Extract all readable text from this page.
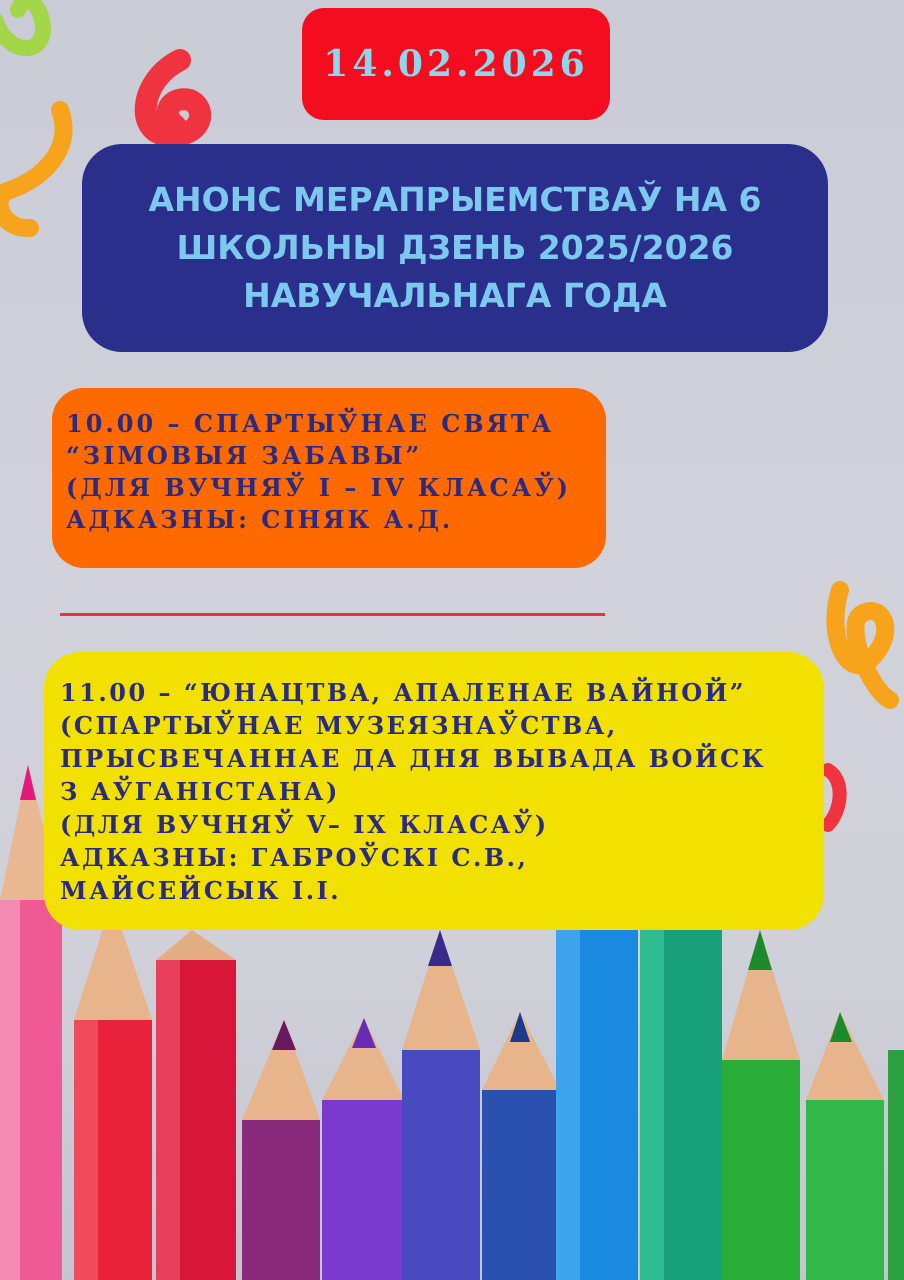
14.02.2026
АНОНС МЕРАПРЫЕМСТВАЎ НА 6
ШКОЛЬНЫ ДЗЕНЬ 2025/2026
НАВУЧАЛЬНАГА ГОДА
10.00 – СПАРТЫЎНАЕ СВЯТА
“ЗІМОВЫЯ ЗАБАВЫ”
(ДЛЯ ВУЧНЯЎ I – IV КЛАСАЎ)
АДКАЗНЫ: СІНЯК А.Д.
11.00 – “ЮНАЦТВА, АПАЛЕНАЕ ВАЙНОЙ”
(СПАРТЫЎНАЕ МУЗЕЯЗНАЎСТВА,
ПРЫСВЕЧАННАЕ ДА ДНЯ ВЫВАДА ВОЙСК
З АЎГАНІСТАНА)
(ДЛЯ ВУЧНЯЎ V– IX КЛАСАЎ)
АДКАЗНЫ: ГАБРОЎСКІ С.В.,
МАЙСЕЙСЫК І.І.
